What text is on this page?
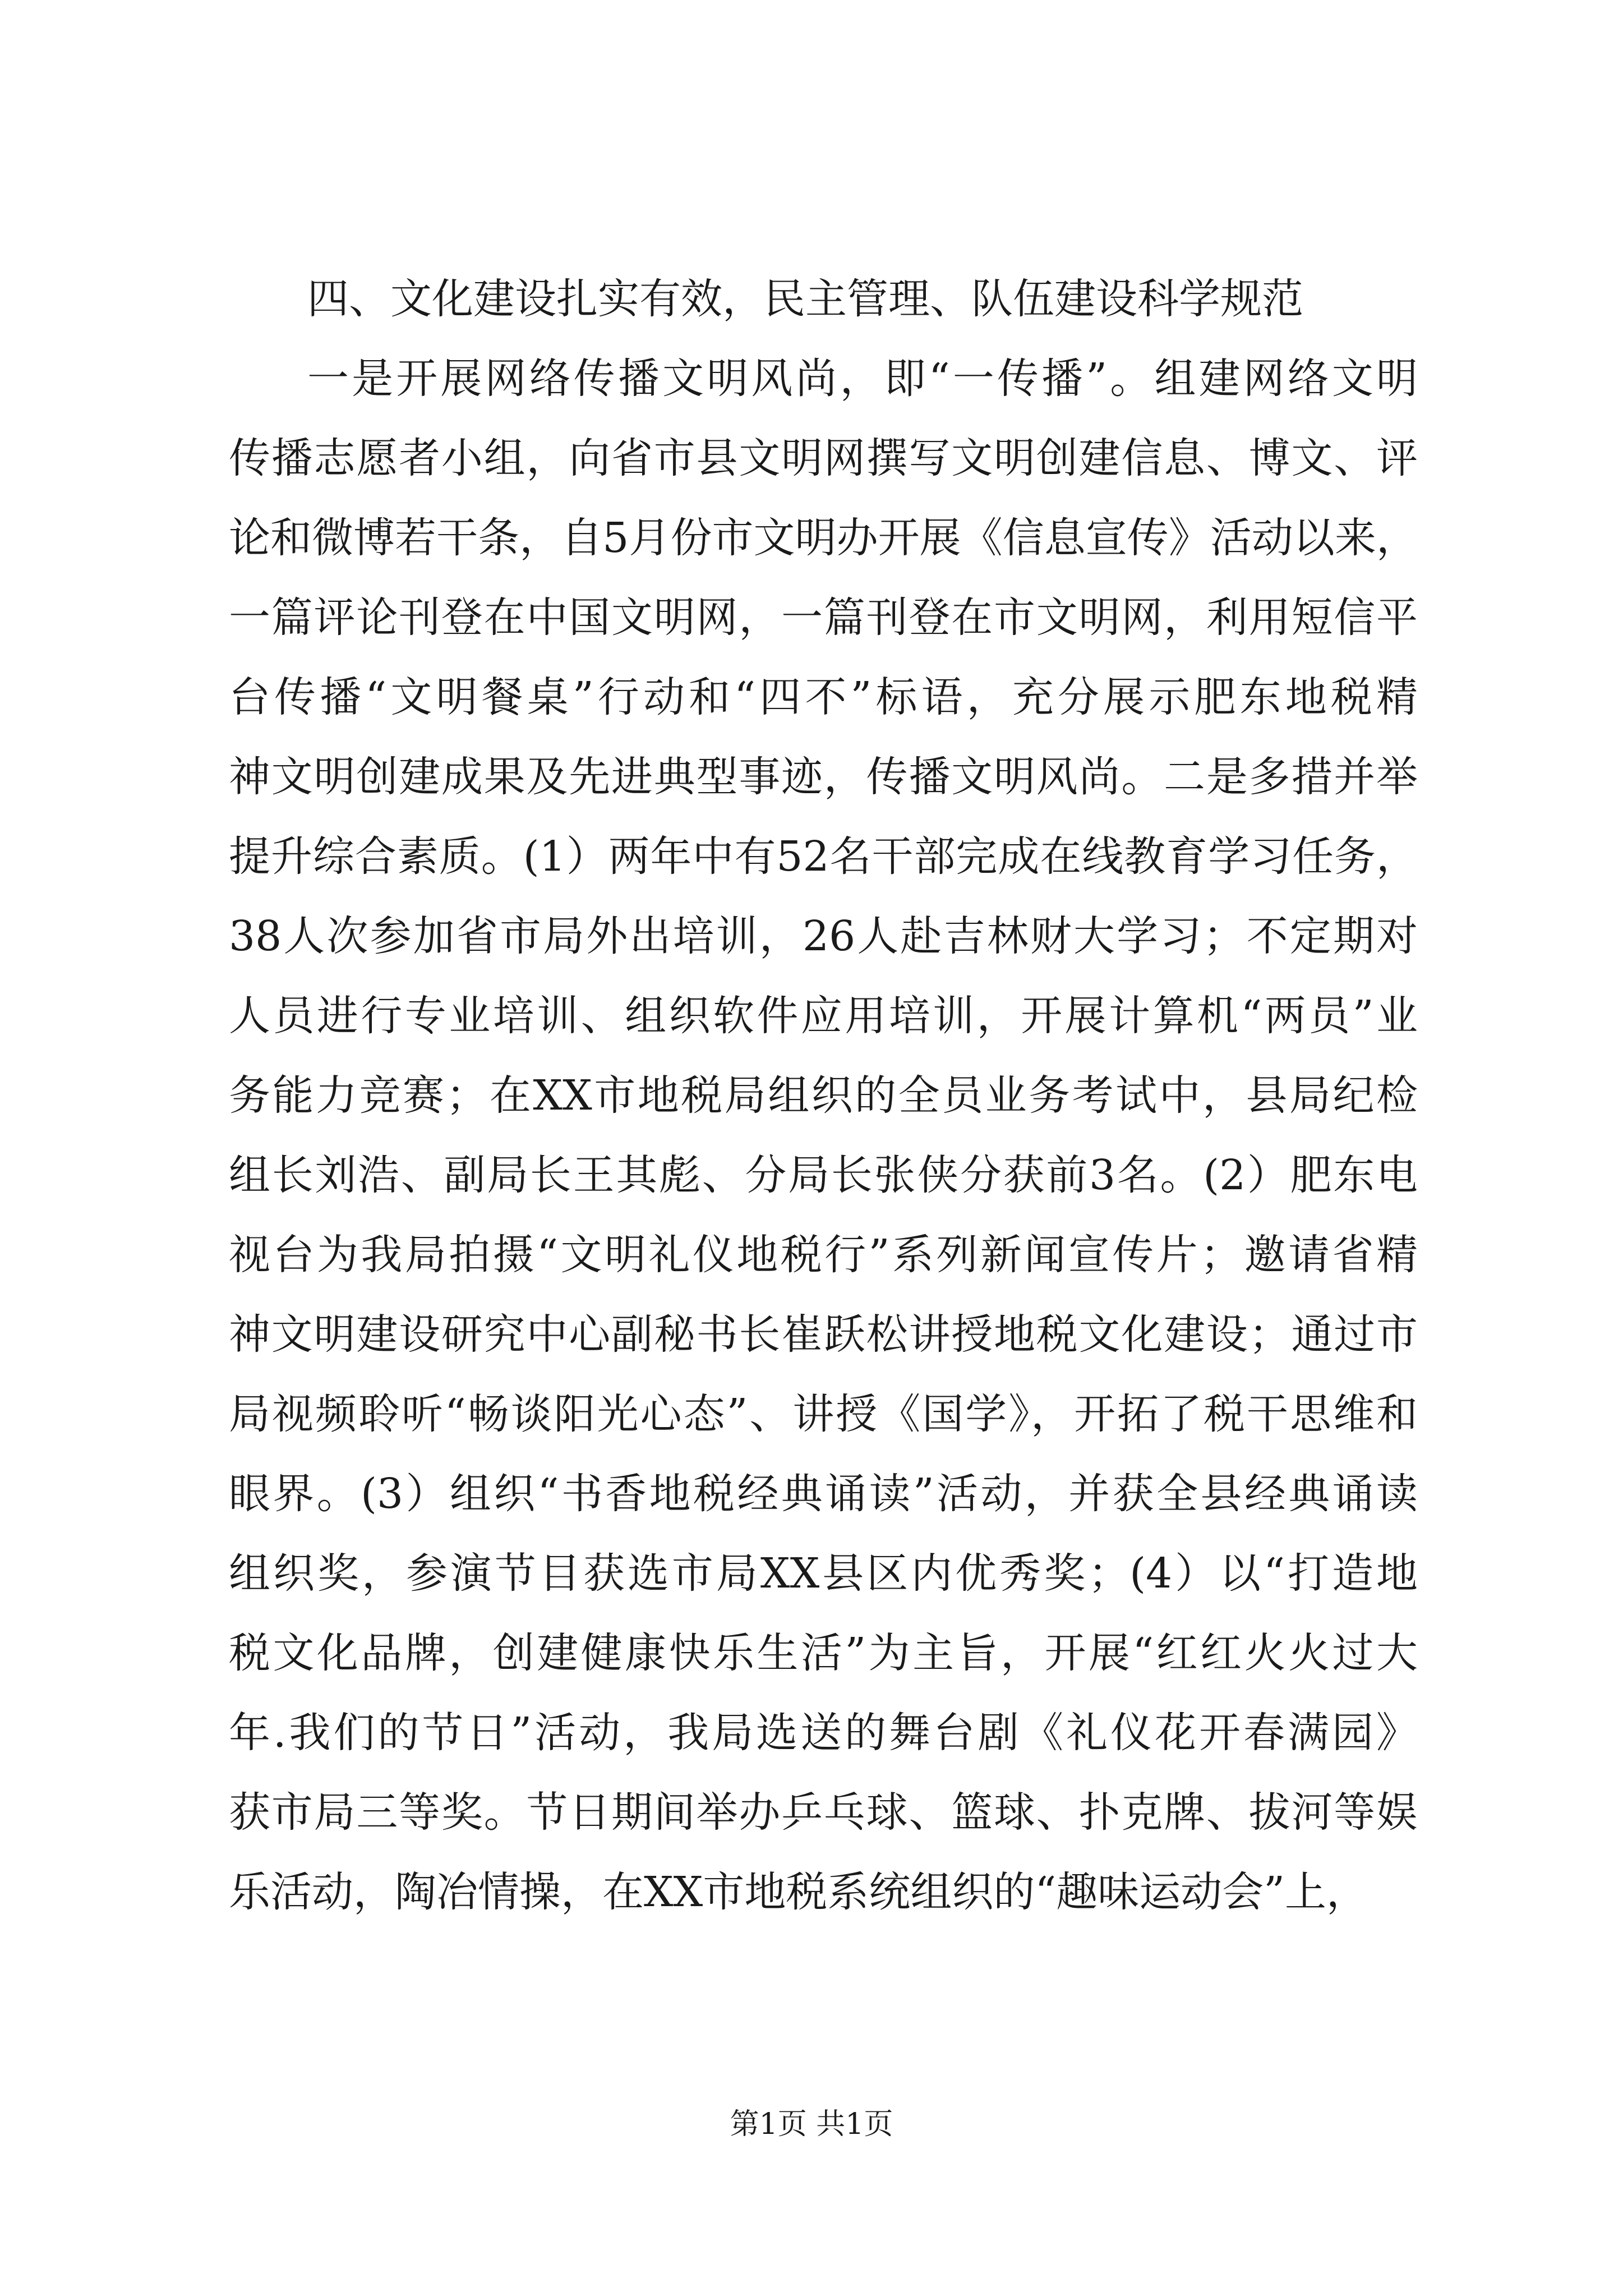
四、文化建设扎实有效，民主管理、队伍建设科学规范
一是开展网络传播文明风尚，即“一传播”。组建网络文明
传播志愿者小组，向省市县文明网撰写文明创建信息、博文、评
论和微博若干条，自5月份市文明办开展《信息宣传》活动以来，
一篇评论刊登在中国文明网，一篇刊登在市文明网，利用短信平
台传播“文明餐桌”行动和“四不”标语，充分展示肥东地税精
神文明创建成果及先进典型事迹，传播文明风尚。二是多措并举
提升综合素质。(1）两年中有52名干部完成在线教育学习任务，
38人次参加省市局外出培训，26人赴吉林财大学习；不定期对
人员进行专业培训、组织软件应用培训，开展计算机“两员”业
务能力竞赛；在XX市地税局组织的全员业务考试中，县局纪检
组长刘浩、副局长王其彪、分局长张侠分获前3名。(2）肥东电
视台为我局拍摄“文明礼仪地税行”系列新闻宣传片；邀请省精
神文明建设研究中心副秘书长崔跃松讲授地税文化建设；通过市
局视频聆听“畅谈阳光心态”、讲授《国学》，开拓了税干思维和
眼界。(3）组织“书香地税经典诵读”活动，并获全县经典诵读
组织奖，参演节目获选市局XX县区内优秀奖；(4）以“打造地
税文化品牌，创建健康快乐生活”为主旨，开展“红红火火过大
年.我们的节日”活动，我局选送的舞台剧《礼仪花开春满园》
获市局三等奖。节日期间举办乒乓球、篮球、扑克牌、拔河等娱
乐活动，陶冶情操，在XX市地税系统组织的“趣味运动会”上，
第1页 共1页
